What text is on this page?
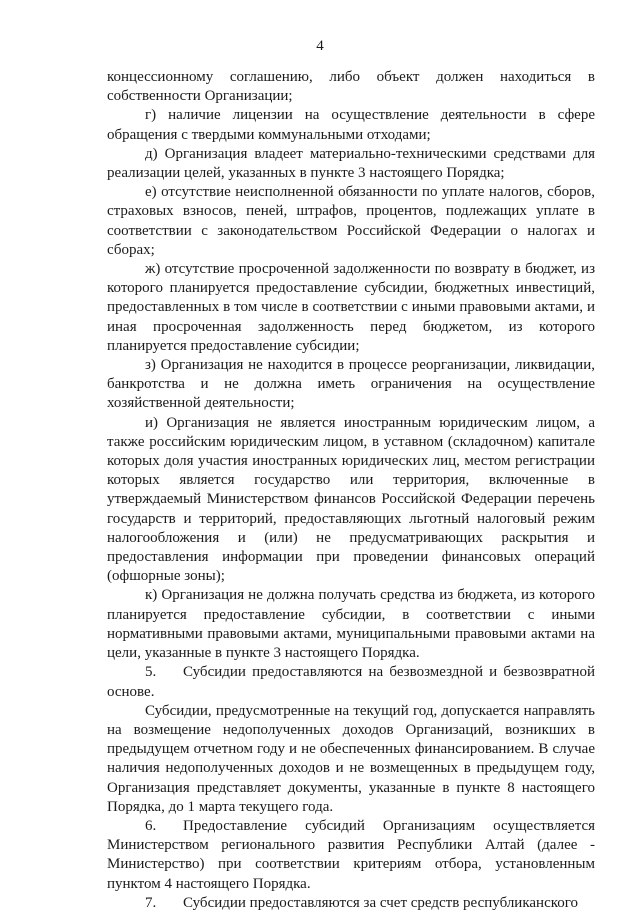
4

концессионному соглашению, либо объект должен находиться в собственности Организации;

г) наличие лицензии на осуществление деятельности в сфере обращения с твердыми коммунальными отходами;

д) Организация владеет материально-техническими средствами для реализации целей, указанных в пункте 3 настоящего Порядка;

е) отсутствие неисполненной обязанности по уплате налогов, сборов, страховых взносов, пеней, штрафов, процентов, подлежащих уплате в соответствии с законодательством Российской Федерации о налогах и сборах;

ж) отсутствие просроченной задолженности по возврату в бюджет, из которого планируется предоставление субсидии, бюджетных инвестиций, предоставленных в том числе в соответствии с иными правовыми актами, и иная просроченная задолженность перед бюджетом, из которого планируется предоставление субсидии;

з) Организация не находится в процессе реорганизации, ликвидации, банкротства и не должна иметь ограничения на осуществление хозяйственной деятельности;

и) Организация не является иностранным юридическим лицом, а также российским юридическим лицом, в уставном (складочном) капитале которых доля участия иностранных юридических лиц, местом регистрации которых является государство или территория, включенные в утверждаемый Министерством финансов Российской Федерации перечень государств и территорий, предоставляющих льготный налоговый режим налогообложения и (или) не предусматривающих раскрытия и предоставления информации при проведении финансовых операций (офшорные зоны);

к) Организация не должна получать средства из бюджета, из которого планируется предоставление субсидии, в соответствии с иными нормативными правовыми актами, муниципальными правовыми актами на цели, указанные в пункте 3 настоящего Порядка.

5. Субсидии предоставляются на безвозмездной и безвозвратной основе.

Субсидии, предусмотренные на текущий год, допускается направлять на возмещение недополученных доходов Организаций, возникших в предыдущем отчетном году и не обеспеченных финансированием. В случае наличия недополученных доходов и не возмещенных в предыдущем году, Организация представляет документы, указанные в пункте 8 настоящего Порядка, до 1 марта текущего года.

6. Предоставление субсидий Организациям осуществляется Министерством регионального развития Республики Алтай (далее - Министерство) при соответствии критериям отбора, установленным пунктом 4 настоящего Порядка.

7. Субсидии предоставляются за счет средств республиканского
